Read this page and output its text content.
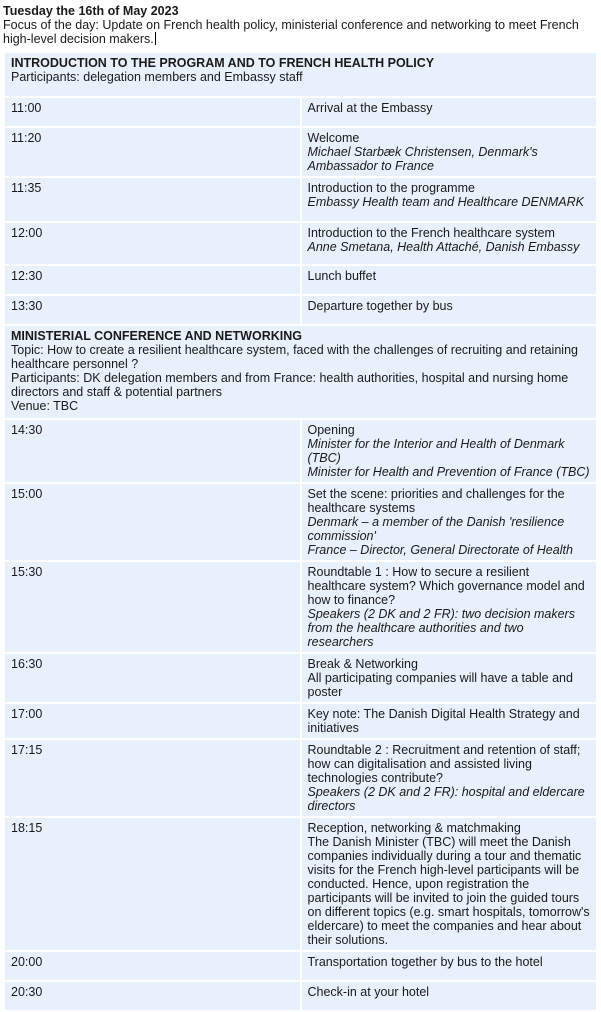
Tuesday the 16th of May 2023
Focus of the day: Update on French health policy, ministerial conference and networking to meet French high-level decision makers.
INTRODUCTION TO THE PROGRAM AND TO FRENCH HEALTH POLICY
Participants: delegation members and Embassy staff	

11:00	Arrival at the Embassy

11:20	Welcome
Michael Starbæk Christensen, Denmark's Ambassador to France

11:35	Introduction to the programme
Embassy Health team and Healthcare DENMARK

12:00	Introduction to the French healthcare system
Anne Smetana, Health Attaché, Danish Embassy

12:30	Lunch buffet

13:30	Departure together by bus

MINISTERIAL CONFERENCE AND NETWORKING
Topic: How to create a resilient healthcare system, faced with the challenges of recruiting and retaining healthcare personnel ?
Participants: DK delegation members and from France: health authorities, hospital and nursing home directors and staff & potential partners
Venue: TBC	

14:30	Opening
Minister for the Interior and Health of Denmark (TBC)
Minister for Health and Prevention of France (TBC)

15:00	Set the scene: priorities and challenges for the healthcare systems
Denmark – a member of the Danish 'resilience commission'
France – Director, General Directorate of Health

15:30	Roundtable 1 : How to secure a resilient healthcare system? Which governance model and how to finance?
Speakers (2 DK and 2 FR): two decision makers from the healthcare authorities and two researchers

16:30	Break & Networking
All participating companies will have a table and poster

17:00	Key note: The Danish Digital Health Strategy and initiatives

17:15	Roundtable 2 : Recruitment and retention of staff; how can digitalisation and assisted living technologies contribute?
Speakers (2 DK and 2 FR): hospital and eldercare directors

18:15	Reception, networking & matchmaking
The Danish Minister (TBC) will meet the Danish companies individually during a tour and thematic visits for the French high-level participants will be conducted. Hence, upon registration the participants will be invited to join the guided tours on different topics (e.g. smart hospitals, tomorrow's eldercare) to meet the companies and hear about their solutions.

20:00	Transportation together by bus to the hotel

20:30	Check-in at your hotel
